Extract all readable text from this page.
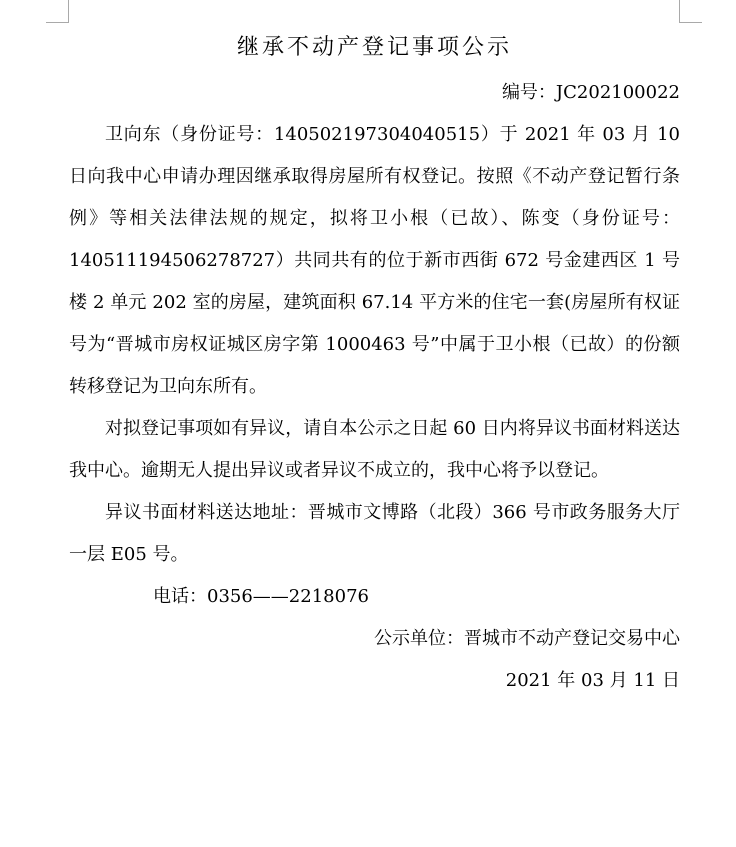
继承不动产登记事项公示

编号：JC202100022

卫向东（身份证号：140502197304040515）于 2021 年 03 月 10 日向我中心申请办理因继承取得房屋所有权登记。按照《不动产登记暂行条例》等相关法律法规的规定，拟将卫小根（已故）、陈变（身份证号：140511194506278727）共同共有的位于新市西街 672 号金建西区 1 号楼 2 单元 202 室的房屋，建筑面积 67.14 平方米的住宅一套(房屋所有权证号为“晋城市房权证城区房字第 1000463 号”中属于卫小根（已故）的份额转移登记为卫向东所有。

对拟登记事项如有异议，请自本公示之日起 60 日内将异议书面材料送达我中心。逾期无人提出异议或者异议不成立的，我中心将予以登记。

异议书面材料送达地址：晋城市文博路（北段）366 号市政务服务大厅一层 E05 号。

电话：0356——2218076

公示单位：晋城市不动产登记交易中心

2021 年 03 月 11 日
